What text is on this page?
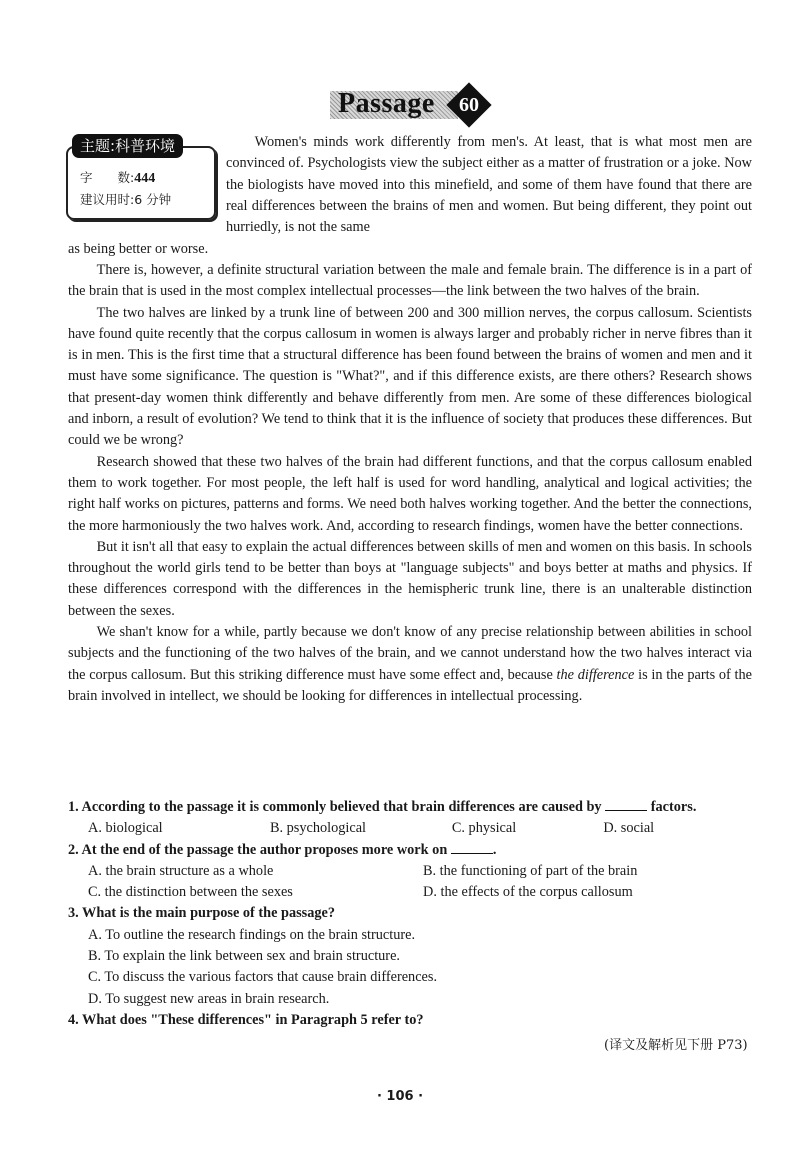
Passage	60
主题:科普环境
字　　数:444
建议用时:6 分钟

Women's minds work differently from men's. At least, that is what most men are convinced of. Psychologists view the subject either as a matter of frustration or a joke. Now the biologists have moved into this minefield, and some of them have found that there are real differences between the brains of men and women. But being different, they point out hurriedly, is not the same

as being better or worse.

There is, however, a definite structural variation between the male and female brain. The difference is in a part of the brain that is used in the most complex intellectual processes—the link between the two halves of the brain.

The two halves are linked by a trunk line of between 200 and 300 million nerves, the corpus callosum. Scientists have found quite recently that the corpus callosum in women is always larger and probably richer in nerve fibres than it is in men. This is the first time that a structural difference has been found between the brains of women and men and it must have some significance. The question is "What?", and if this difference exists, are there others? Research shows that present-day women think differently and behave differently from men. Are some of these differences biological and inborn, a result of evolution? We tend to think that it is the influence of society that produces these differences. But could we be wrong?

Research showed that these two halves of the brain had different functions, and that the corpus callosum enabled them to work together. For most people, the left half is used for word handling, analytical and logical activities; the right half works on pictures, patterns and forms. We need both halves working together. And the better the connections, the more harmoniously the two halves work. And, according to research findings, women have the better connections.

But it isn't all that easy to explain the actual differences between skills of men and women on this basis. In schools throughout the world girls tend to be better than boys at "language subjects" and boys better at maths and physics. If these differences correspond with the differences in the hemispheric trunk line, there is an unalterable distinction between the sexes.

We shan't know for a while, partly because we don't know of any precise relationship between abilities in school subjects and the functioning of the two halves of the brain, and we cannot understand how the two halves interact via the corpus callosum. But this striking difference must have some effect and, because the difference is in the parts of the brain involved in intellect, we should be looking for differences in intellectual processing.

1. According to the passage it is commonly believed that brain differences are caused by	factors.
A. biological	B. psychological	C. physical	D. social
2. At the end of the passage the author proposes more work on	.
A. the brain structure as a whole	B. the functioning of part of the brain
C. the distinction between the sexes	D. the effects of the corpus callosum
3. What is the main purpose of the passage?
A. To outline the research findings on the brain structure.
B. To explain the link between sex and brain structure.
C. To discuss the various factors that cause brain differences.
D. To suggest new areas in brain research.
4. What does "These differences" in Paragraph 5 refer to?
(译文及解析见下册 P73)
· 106 ·
